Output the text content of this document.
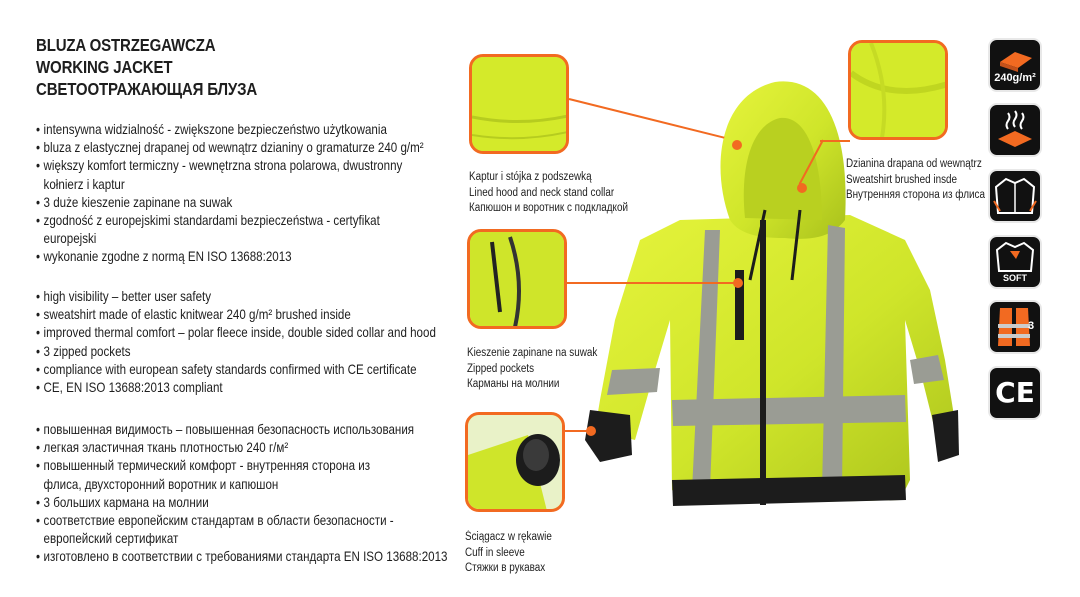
BLUZA OSTRZEGAWCZA
WORKING JACKET
СВЕТООТРАЖАЮЩАЯ БЛУЗА
• intensywna widzialność - zwiększone bezpieczeństwo użytkowania
• bluza z elastycznej drapanej od wewnątrz dzianiny o gramaturze 240 g/m²
• większy komfort termiczny - wewnętrzna strona polarowa, dwustronny kołnierz i kaptur
• 3 duże kieszenie zapinane na suwak
• zgodność z europejskimi standardami bezpieczeństwa - certyfikat europejski
• wykonanie zgodne z normą EN ISO 13688:2013
• high visibility – better user safety
• sweatshirt made of elastic knitwear 240 g/m² brushed inside
• improved thermal comfort – polar fleece inside, double sided collar and hood
• 3 zipped pockets
• compliance with european safety standards confirmed with CE certificate
• CE, EN ISO 13688:2013 compliant
• повышенная видимость – повышенная безопасность использования
• легкая эластичная ткань плотностью 240 г/м²
• повышенный термический комфорт - внутренняя сторона из флиса, двухсторонний воротник и капюшон
• 3 больших кармана на молнии
• соответствие европейским стандартам в области безопасности - европейский сертификат
• изготовлено в соответствии с требованиями стандарта EN ISO 13688:2013
Kaptur i stójka z podszewką
Lined hood and neck stand collar
Капюшон и воротник с подкладкой
Kieszenie zapinane na suwak
Zipped pockets
Карманы на молнии
Ściągacz w rękawie
Cuff in sleeve
Стяжки в рукавах
Dzianina drapana od wewnątrz
Sweatshirt brushed insde
Внутренняя сторона из флиса
240g/m²
SOFT
3
CE
